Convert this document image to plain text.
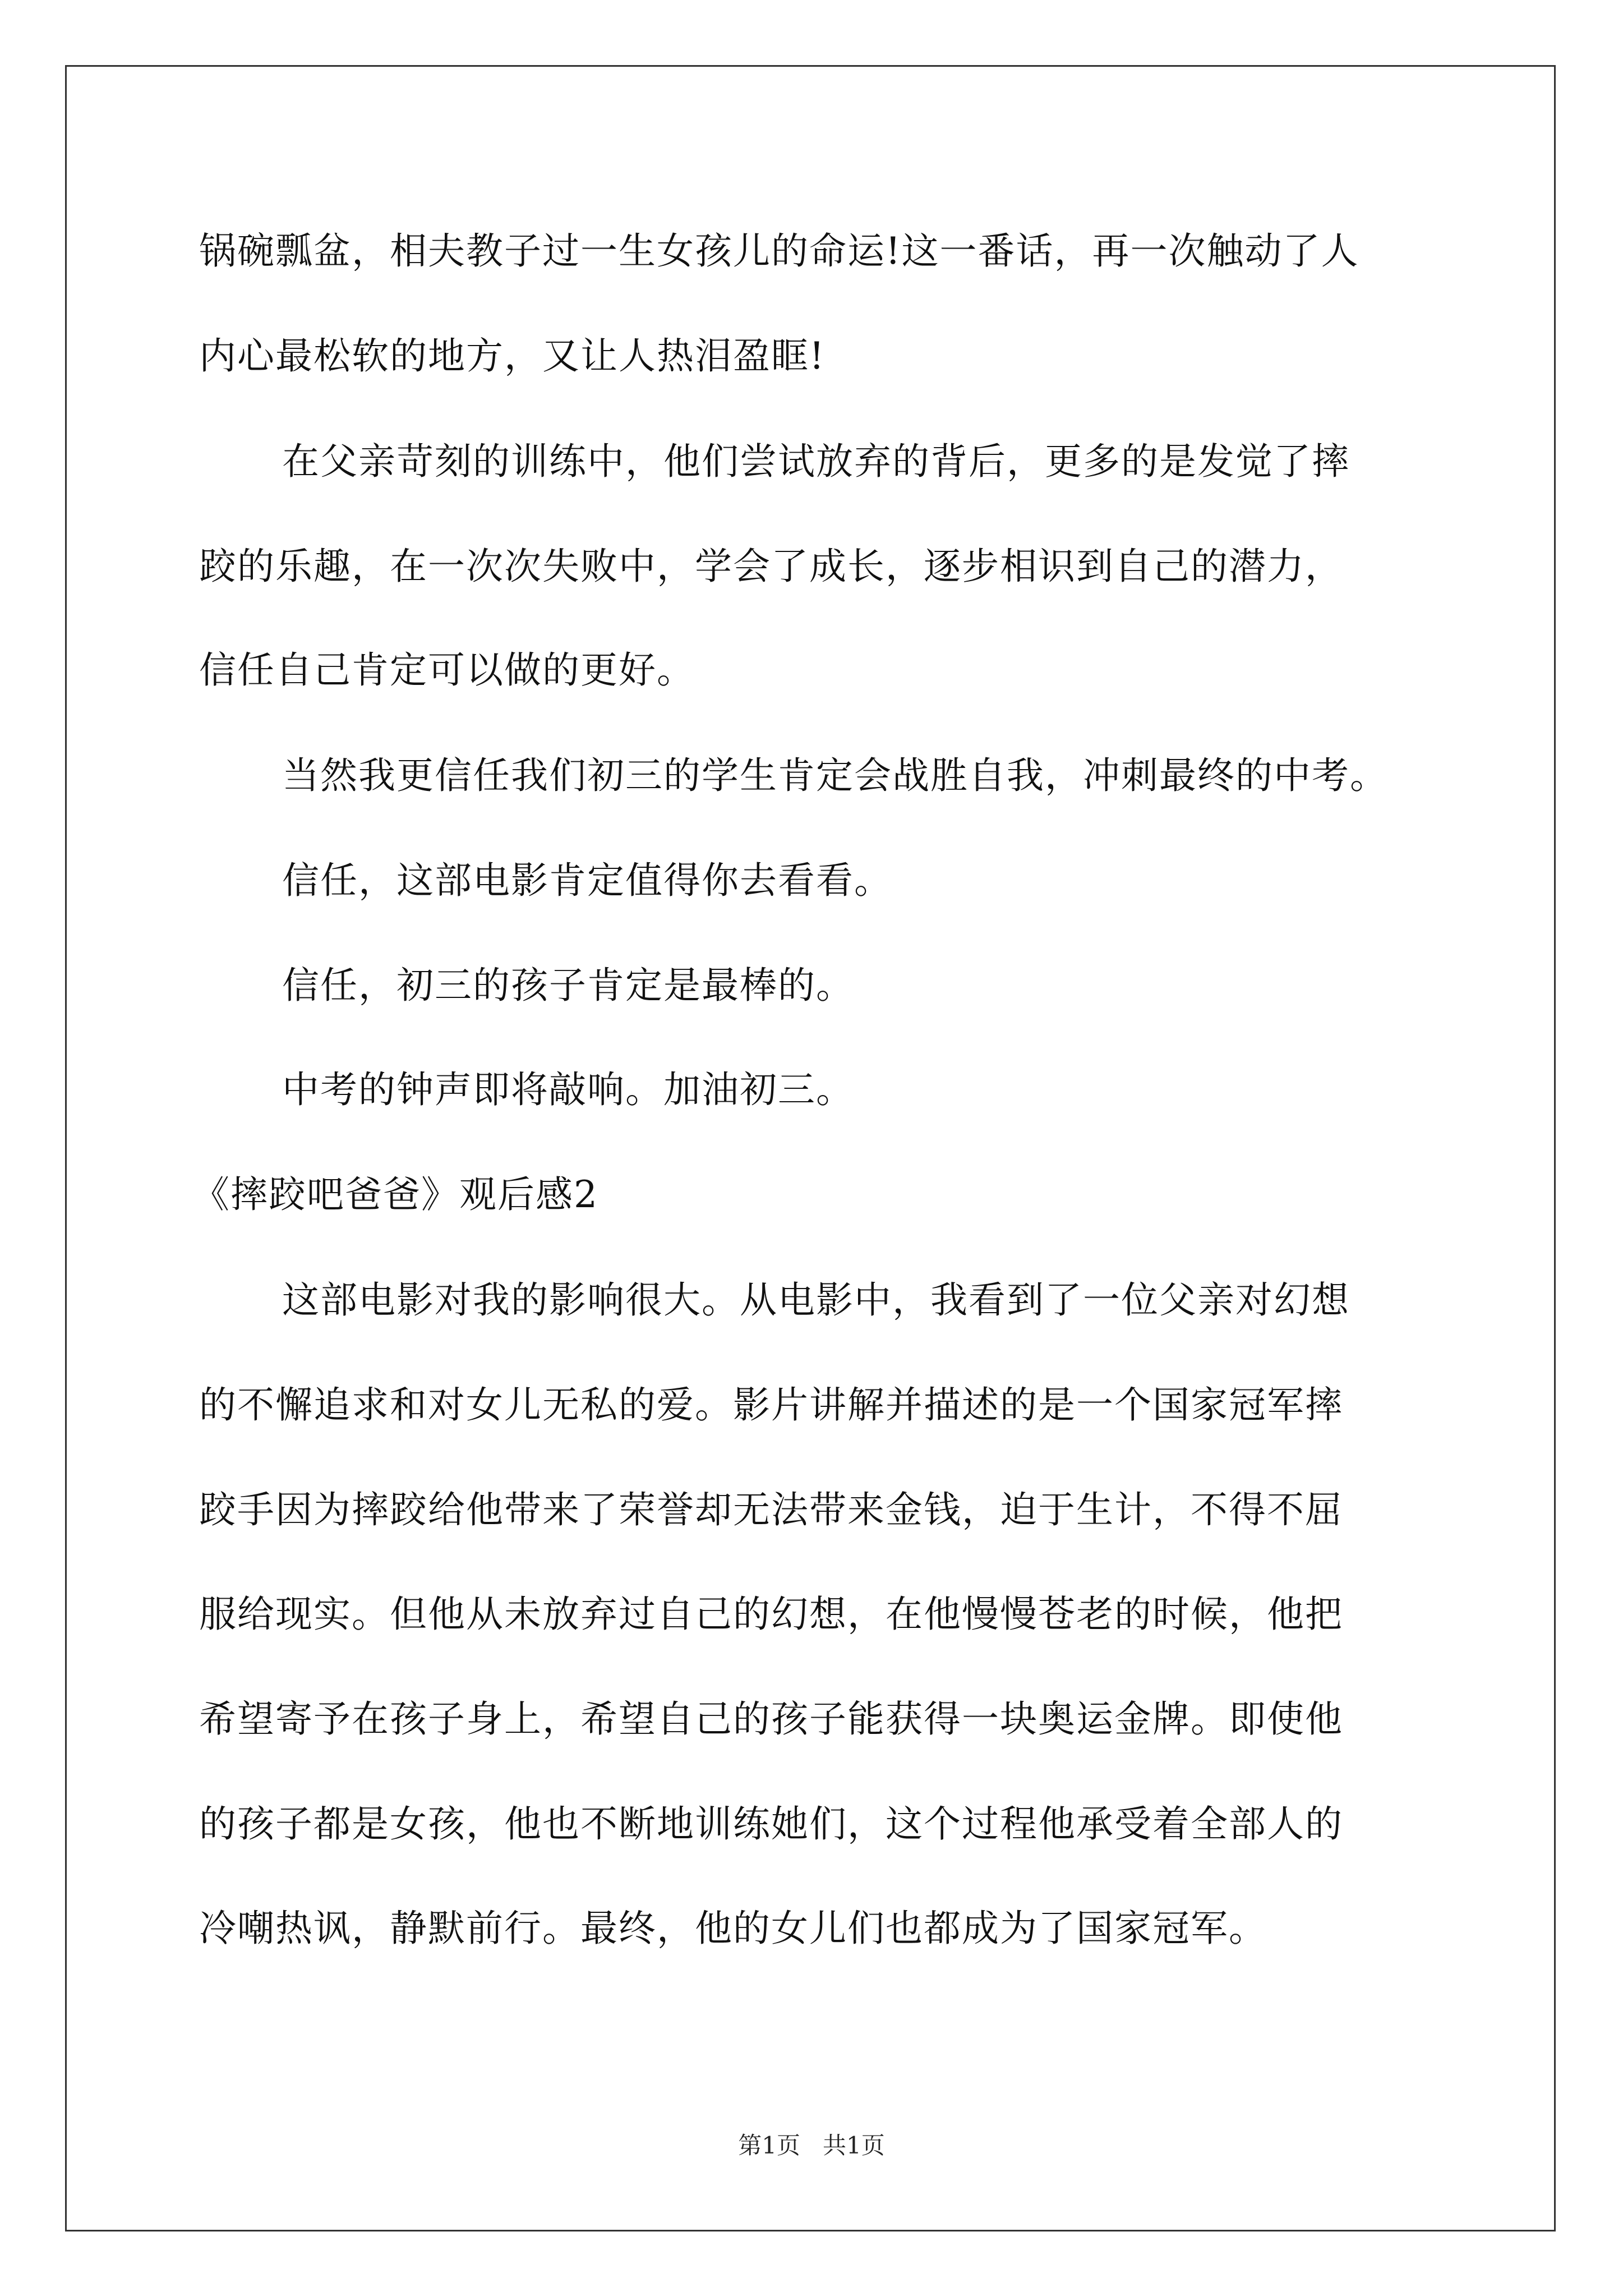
锅碗瓢盆，相夫教子过一生女孩儿的命运!这一番话，再一次触动了人
内心最松软的地方，又让人热泪盈眶!
在父亲苛刻的训练中，他们尝试放弃的背后，更多的是发觉了摔
跤的乐趣，在一次次失败中，学会了成长，逐步相识到自己的潜力，
信任自己肯定可以做的更好。
当然我更信任我们初三的学生肯定会战胜自我，冲刺最终的中考。
信任，这部电影肯定值得你去看看。
信任，初三的孩子肯定是最棒的。
中考的钟声即将敲响。加油初三。
《摔跤吧爸爸》观后感2
这部电影对我的影响很大。从电影中，我看到了一位父亲对幻想
的不懈追求和对女儿无私的爱。影片讲解并描述的是一个国家冠军摔
跤手因为摔跤给他带来了荣誉却无法带来金钱，迫于生计，不得不屈
服给现实。但他从未放弃过自己的幻想，在他慢慢苍老的时候，他把
希望寄予在孩子身上，希望自己的孩子能获得一块奥运金牌。即使他
的孩子都是女孩，他也不断地训练她们，这个过程他承受着全部人的
冷嘲热讽，静默前行。最终，他的女儿们也都成为了国家冠军。
第1页   共1页
